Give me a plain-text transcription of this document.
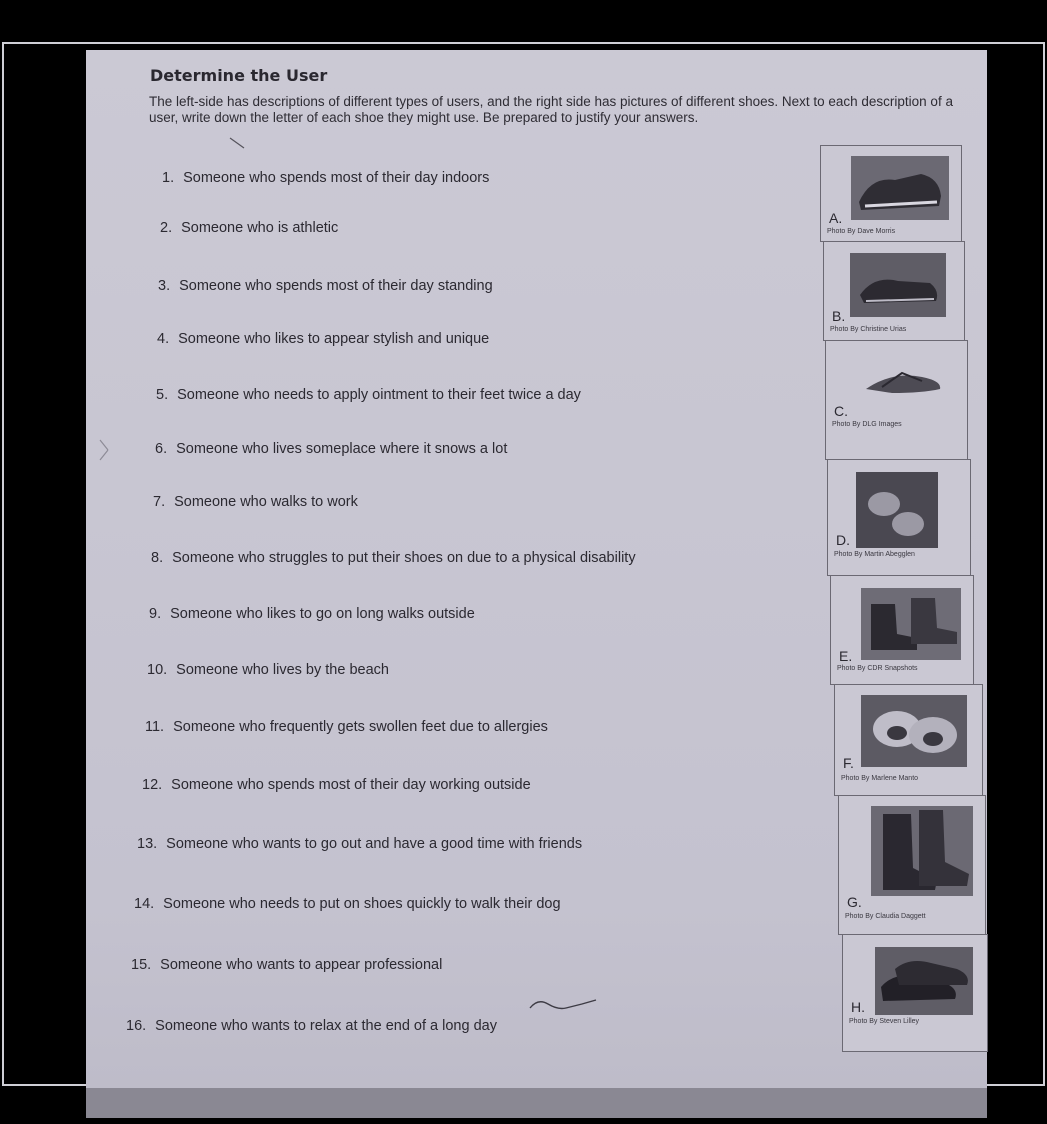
Determine the User
The left-side has descriptions of different types of users, and the right side has pictures of different shoes. Next to each description of a user, write down the letter of each shoe they might use. Be prepared to justify your answers.
1. Someone who spends most of their day indoors
2. Someone who is athletic
3. Someone who spends most of their day standing
4. Someone who likes to appear stylish and unique
5. Someone who needs to apply ointment to their feet twice a day
6. Someone who lives someplace where it snows a lot
7. Someone who walks to work
8. Someone who struggles to put their shoes on due to a physical disability
9. Someone who likes to go on long walks outside
10. Someone who lives by the beach
11. Someone who frequently gets swollen feet due to allergies
12. Someone who spends most of their day working outside
13. Someone who wants to go out and have a good time with friends
14. Someone who needs to put on shoes quickly to walk their dog
15. Someone who wants to appear professional
16. Someone who wants to relax at the end of a long day
A.
Photo By Dave Morris
B.
Photo By Christine Urias
C.
Photo By DLG Images
D.
Photo By Martin Abegglen
E.
Photo By CDR Snapshots
F.
Photo By Marlene Manto
G.
Photo By Claudia Daggett
H.
Photo By Steven Lilley
